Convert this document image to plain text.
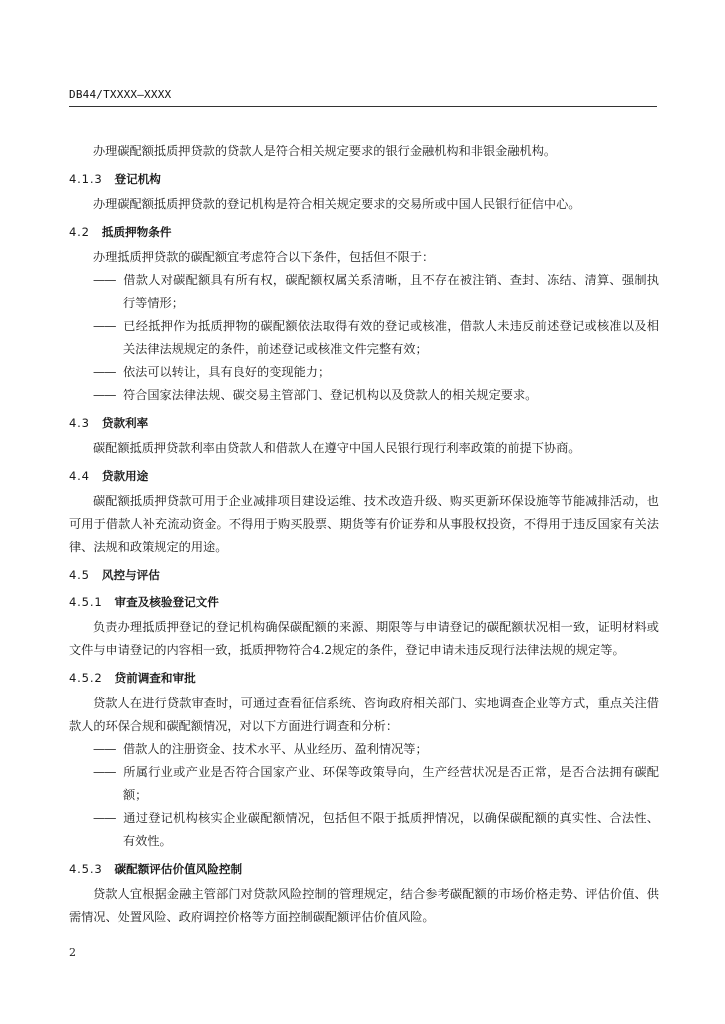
DB44/TXXXX—XXXX

办理碳配额抵质押贷款的贷款人是符合相关规定要求的银行金融机构和非银金融机构。

4.1.3 登记机构

办理碳配额抵质押贷款的登记机构是符合相关规定要求的交易所或中国人民银行征信中心。

4.2 抵质押物条件

办理抵质押贷款的碳配额宜考虑符合以下条件，包括但不限于：

—— 借款人对碳配额具有所有权，碳配额权属关系清晰，且不存在被注销、查封、冻结、清算、强制执行等情形；
—— 已经抵押作为抵质押物的碳配额依法取得有效的登记或核准，借款人未违反前述登记或核准以及相关法律法规规定的条件，前述登记或核准文件完整有效；
—— 依法可以转让，具有良好的变现能力；
—— 符合国家法律法规、碳交易主管部门、登记机构以及贷款人的相关规定要求。
4.3 贷款利率

碳配额抵质押贷款利率由贷款人和借款人在遵守中国人民银行现行利率政策的前提下协商。

4.4 贷款用途

碳配额抵质押贷款可用于企业减排项目建设运维、技术改造升级、购买更新环保设施等节能减排活动，也可用于借款人补充流动资金。不得用于购买股票、期货等有价证券和从事股权投资，不得用于违反国家有关法律、法规和政策规定的用途。

4.5 风控与评估
4.5.1 审查及核验登记文件

负责办理抵质押登记的登记机构确保碳配额的来源、期限等与申请登记的碳配额状况相一致，证明材料或文件与申请登记的内容相一致，抵质押物符合4.2规定的条件，登记申请未违反现行法律法规的规定等。

4.5.2 贷前调查和审批

贷款人在进行贷款审查时，可通过查看征信系统、咨询政府相关部门、实地调查企业等方式，重点关注借款人的环保合规和碳配额情况，对以下方面进行调查和分析：

—— 借款人的注册资金、技术水平、从业经历、盈利情况等；
—— 所属行业或产业是否符合国家产业、环保等政策导向，生产经营状况是否正常，是否合法拥有碳配额；
—— 通过登记机构核实企业碳配额情况，包括但不限于抵质押情况，以确保碳配额的真实性、合法性、有效性。
4.5.3 碳配额评估价值风险控制

贷款人宜根据金融主管部门对贷款风险控制的管理规定，结合参考碳配额的市场价格走势、评估价值、供需情况、处置风险、政府调控价格等方面控制碳配额评估价值风险。

2
